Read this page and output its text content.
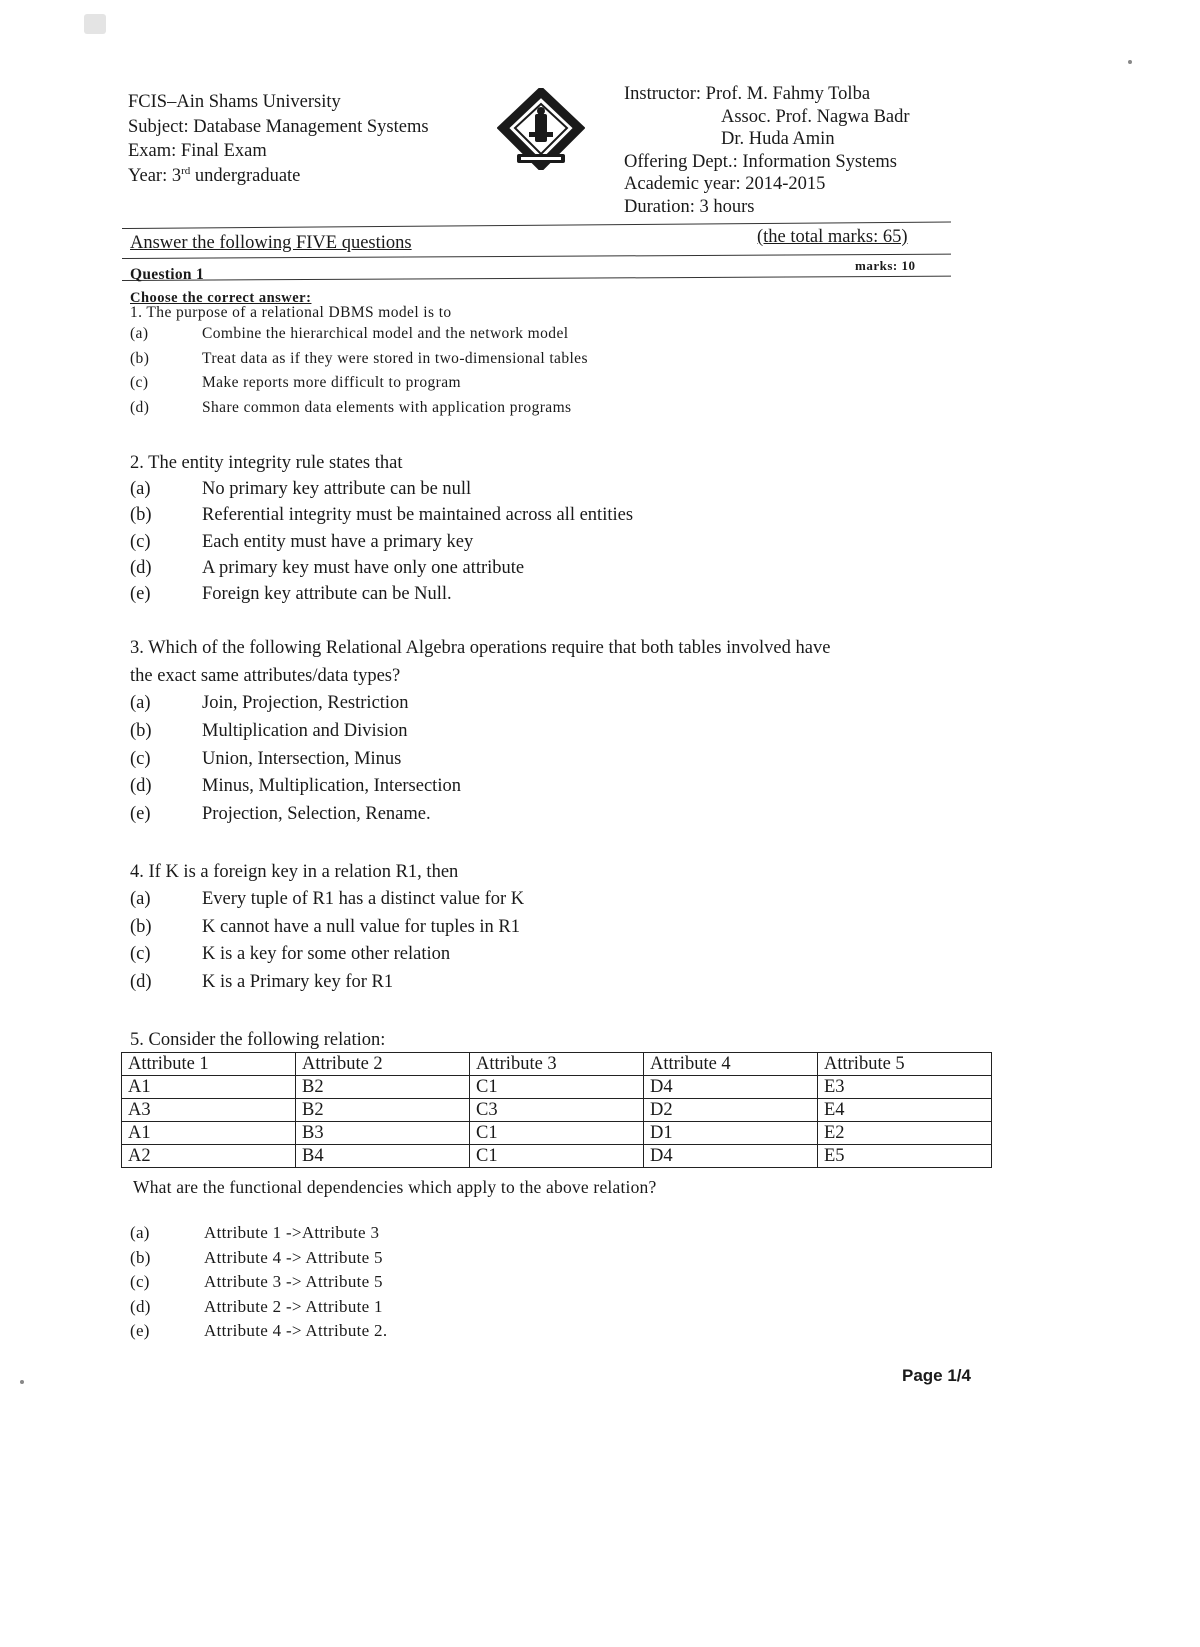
FCIS–Ain Shams University
Subject: Database Management Systems
Exam: Final Exam
Year: 3rd undergraduate
Instructor: Prof. M. Fahmy Tolba
Assoc. Prof. Nagwa Badr
Dr. Huda Amin
Offering Dept.: Information Systems
Academic year: 2014-2015
Duration: 3 hours
Answer the following FIVE questions	(the total marks: 65)
Question 1
marks: 10
Choose the correct answer:
1. The purpose of a relational DBMS model is to
(a)	Combine the hierarchical model and the network model
(b)	Treat data as if they were stored in two-dimensional tables
(c)	Make reports more difficult to program
(d)	Share common data elements with application programs
2. The entity integrity rule states that
(a)	No primary key attribute can be null
(b)	Referential integrity must be maintained across all entities
(c)	Each entity must have a primary key
(d)	A primary key must have only one attribute
(e)	Foreign key attribute can be Null.
3. Which of the following Relational Algebra operations require that both tables involved have
the exact same attributes/data types?
(a)	Join, Projection, Restriction
(b)	Multiplication and Division
(c)	Union, Intersection, Minus
(d)	Minus, Multiplication, Intersection
(e)	Projection, Selection, Rename.
4. If K is a foreign key in a relation R1, then
(a)	Every tuple of R1 has a distinct value for K
(b)	K cannot have a null value for tuples in R1
(c)	K is a key for some other relation
(d)	K is a Primary key for R1
5. Consider the following relation:
Attribute 1	Attribute 2	Attribute 3	Attribute 4	Attribute 5
A1	B2	C1	D4	E3
A3	B2	C3	D2	E4
A1	B3	C1	D1	E2
A2	B4	C1	D4	E5
What are the functional dependencies which apply to the above relation?
(a)	Attribute 1 ->Attribute 3
(b)	Attribute 4 -> Attribute 5
(c)	Attribute 3 -> Attribute 5
(d)	Attribute 2 -> Attribute 1
(e)	Attribute 4 -> Attribute 2.
Page 1/4
